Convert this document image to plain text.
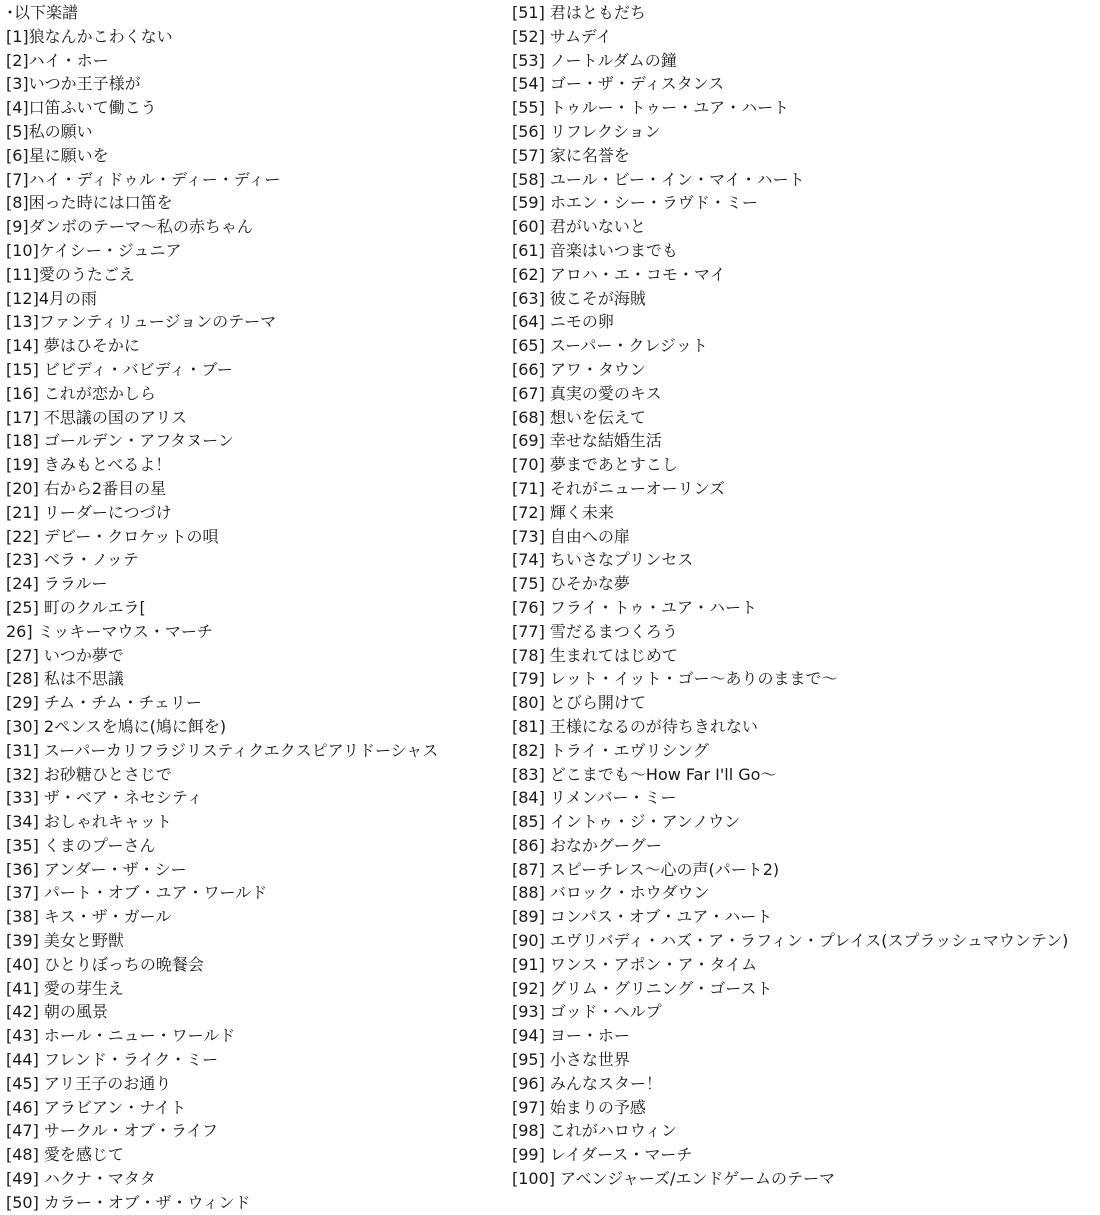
･以下楽譜
[1]狼なんかこわくない
[2]ハイ・ホー
[3]いつか王子様が
[4]口笛ふいて働こう
[5]私の願い
[6]星に願いを
[7]ハイ・ディドゥル・ディー・ディー
[8]困った時には口笛を
[9]ダンボのテーマ〜私の赤ちゃん
[10]ケイシー・ジュニア
[11]愛のうたごえ
[12]4月の雨
[13]ファンティリュージョンのテーマ
[14] 夢はひそかに
[15] ビビディ・バビディ・ブー
[16] これが恋かしら
[17] 不思議の国のアリス
[18] ゴールデン・アフタヌーン
[19] きみもとべるよ！
[20] 右から2番目の星
[21] リーダーにつづけ
[22] デビー・クロケットの唄
[23] ベラ・ノッテ
[24] ララルー
[25] 町のクルエラ[
26] ミッキーマウス・マーチ
[27] いつか夢で
[28] 私は不思議
[29] チム・チム・チェリー
[30] 2ペンスを鳩に(鳩に餌を)
[31] スーパーカリフラジリスティクエクスピアリドーシャス
[32] お砂糖ひとさじで
[33] ザ・ベア・ネセシティ
[34] おしゃれキャット
[35] くまのプーさん
[36] アンダー・ザ・シー
[37] パート・オブ・ユア・ワールド
[38] キス・ザ・ガール
[39] 美女と野獣
[40] ひとりぼっちの晩餐会
[41] 愛の芽生え
[42] 朝の風景
[43] ホール・ニュー・ワールド
[44] フレンド・ライク・ミー
[45] アリ王子のお通り
[46] アラビアン・ナイト
[47] サークル・オブ・ライフ
[48] 愛を感じて
[49] ハクナ・マタタ
[50] カラー・オブ・ザ・ウィンド
[51] 君はともだち
[52] サムデイ
[53] ノートルダムの鐘
[54] ゴー・ザ・ディスタンス
[55] トゥルー・トゥー・ユア・ハート
[56] リフレクション
[57] 家に名誉を
[58] ユール・ビー・イン・マイ・ハート
[59] ホエン・シー・ラヴド・ミー
[60] 君がいないと
[61] 音楽はいつまでも
[62] アロハ・エ・コモ・マイ
[63] 彼こそが海賊
[64] ニモの卵
[65] スーパー・クレジット
[66] アワ・タウン
[67] 真実の愛のキス
[68] 想いを伝えて
[69] 幸せな結婚生活
[70] 夢まであとすこし
[71] それがニューオーリンズ
[72] 輝く未来
[73] 自由への扉
[74] ちいさなプリンセス
[75] ひそかな夢
[76] フライ・トゥ・ユア・ハート
[77] 雪だるまつくろう
[78] 生まれてはじめて
[79] レット・イット・ゴー〜ありのままで〜
[80] とびら開けて
[81] 王様になるのが待ちきれない
[82] トライ・エヴリシング
[83] どこまでも〜How Far I'll Go〜
[84] リメンバー・ミー
[85] イントゥ・ジ・アンノウン
[86] おなかグーグー
[87] スピーチレス〜心の声(パート2)
[88] バロック・ホウダウン
[89] コンパス・オブ・ユア・ハート
[90] エヴリバディ・ハズ・ア・ラフィン・プレイス(スプラッシュマウンテン)
[91] ワンス・アポン・ア・タイム
[92] グリム・グリニング・ゴースト
[93] ゴッド・ヘルプ
[94] ヨー・ホー
[95] 小さな世界
[96] みんなスター！
[97] 始まりの予感
[98] これがハロウィン
[99] レイダース・マーチ
[100] アベンジャーズ/エンドゲームのテーマ
